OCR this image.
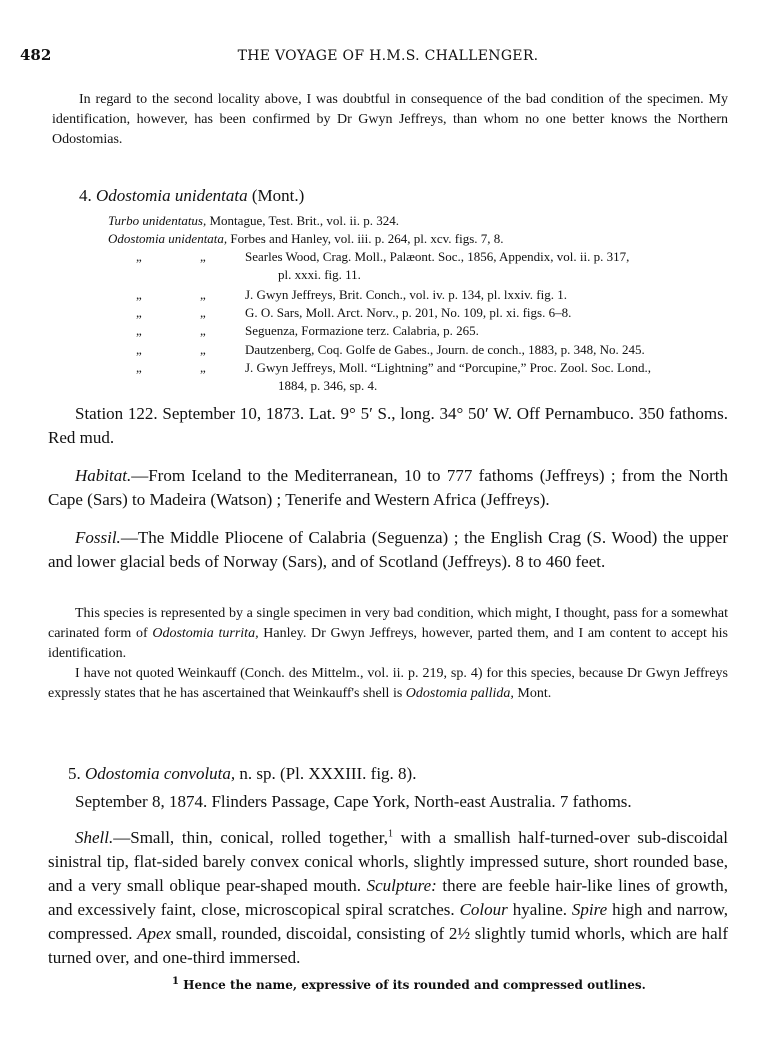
482	THE VOYAGE OF H.M.S. CHALLENGER.

In regard to the second locality above, I was doubtful in consequence of the bad condition of the specimen. My identification, however, has been confirmed by Dr Gwyn Jeffreys, than whom no one better knows the Northern Odostomias.

4. Odostomia unidentata (Mont.)
Turbo unidentatus, Montague, Test. Brit., vol. ii. p. 324.
Odostomia unidentata, Forbes and Hanley, vol. iii. p. 264, pl. xcv. figs. 7, 8.
„	„	Searles Wood, Crag. Moll., Palæont. Soc., 1856, Appendix, vol. ii. p. 317,
pl. xxxi. fig. 11.
„	„	J. Gwyn Jeffreys, Brit. Conch., vol. iv. p. 134, pl. lxxiv. fig. 1.
„	„	G. O. Sars, Moll. Arct. Norv., p. 201, No. 109, pl. xi. figs. 6–8.
„	„	Seguenza, Formazione terz. Calabria, p. 265.
„	„	Dautzenberg, Coq. Golfe de Gabes., Journ. de conch., 1883, p. 348, No. 245.
„	„	J. Gwyn Jeffreys, Moll. “Lightning” and “Porcupine,” Proc. Zool. Soc. Lond.,
1884, p. 346, sp. 4.

Station 122. September 10, 1873. Lat. 9° 5′ S., long. 34° 50′ W. Off Pernambuco. 350 fathoms. Red mud.

Habitat.—From Iceland to the Mediterranean, 10 to 777 fathoms (Jeffreys) ; from the North Cape (Sars) to Madeira (Watson) ; Tenerife and Western Africa (Jeffreys).

Fossil.—The Middle Pliocene of Calabria (Seguenza) ; the English Crag (S. Wood) the upper and lower glacial beds of Norway (Sars), and of Scotland (Jeffreys). 8 to 460 feet.

This species is represented by a single specimen in very bad condition, which might, I thought, pass for a somewhat carinated form of Odostomia turrita, Hanley. Dr Gwyn Jeffreys, however, parted them, and I am content to accept his identification.

I have not quoted Weinkauff (Conch. des Mittelm., vol. ii. p. 219, sp. 4) for this species, because Dr Gwyn Jeffreys expressly states that he has ascertained that Weinkauff's shell is Odostomia pallida, Mont.

5. Odostomia convoluta, n. sp. (Pl. XXXIII. fig. 8).

September 8, 1874. Flinders Passage, Cape York, North-east Australia. 7 fathoms.

Shell.—Small, thin, conical, rolled together,$^1$ with a smallish half-turned-over sub-discoidal sinistral tip, flat-sided barely convex conical whorls, slightly impressed suture, short rounded base, and a very small oblique pear-shaped mouth. Sculpture: there are feeble hair-like lines of growth, and excessively faint, close, microscopical spiral scratches. Colour hyaline. Spire high and narrow, compressed. Apex small, rounded, discoidal, consisting of 2½ slightly tumid whorls, which are half turned over, and one-third immersed.

$^1$ Hence the name, expressive of its rounded and compressed outlines.
